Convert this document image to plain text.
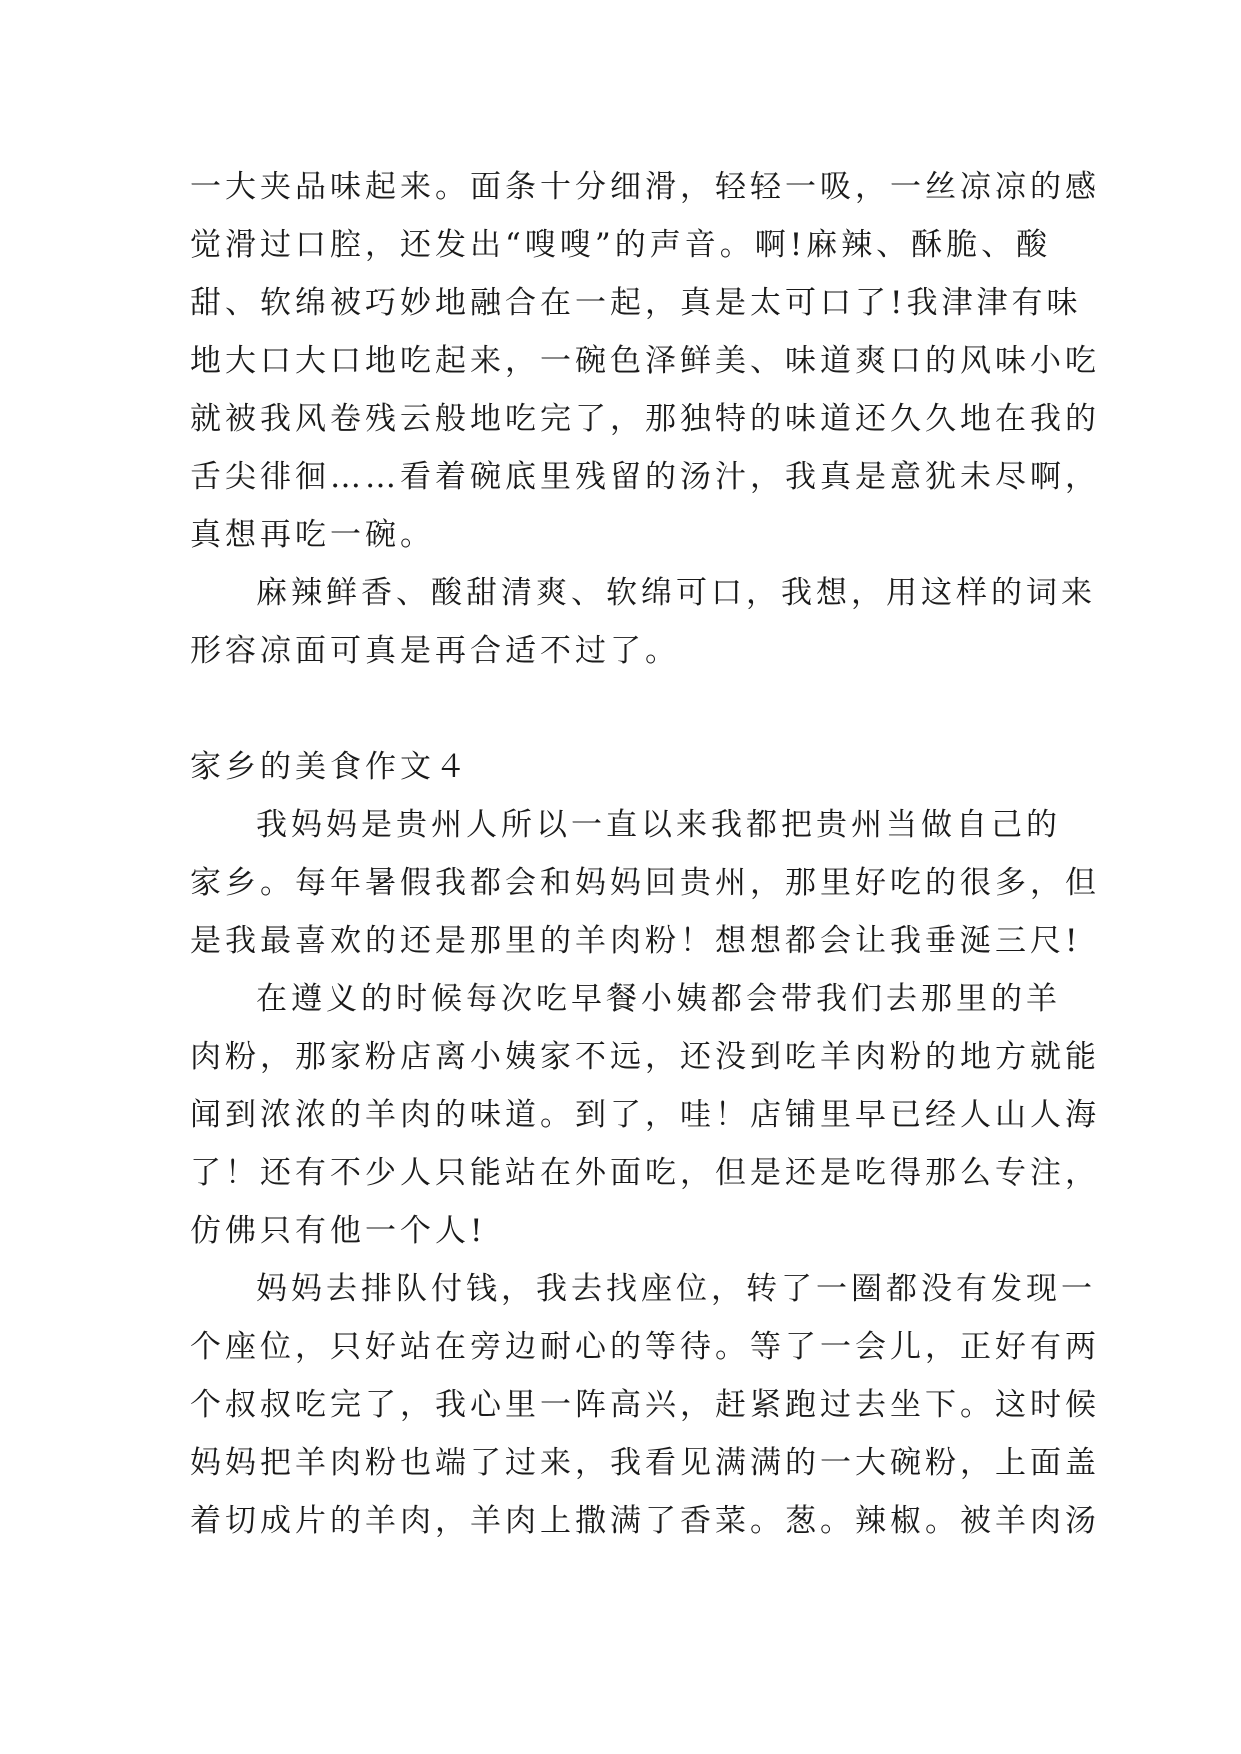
一大夹品味起来。面条十分细滑，轻轻一吸，一丝凉凉的感
觉滑过口腔，还发出“嗖嗖”的声音。啊!麻辣、酥脆、酸
甜、软绵被巧妙地融合在一起，真是太可口了!我津津有味
地大口大口地吃起来，一碗色泽鲜美、味道爽口的风味小吃
就被我风卷残云般地吃完了，那独特的味道还久久地在我的
舌尖徘徊……看着碗底里残留的汤汁，我真是意犹未尽啊，
真想再吃一碗。
麻辣鲜香、酸甜清爽、软绵可口，我想，用这样的词来
形容凉面可真是再合适不过了。
家乡的美食作文４
我妈妈是贵州人所以一直以来我都把贵州当做自己的
家乡。每年暑假我都会和妈妈回贵州，那里好吃的很多，但
是我最喜欢的还是那里的羊肉粉！想想都会让我垂涎三尺!
在遵义的时候每次吃早餐小姨都会带我们去那里的羊
肉粉，那家粉店离小姨家不远，还没到吃羊肉粉的地方就能
闻到浓浓的羊肉的味道。到了，哇！店铺里早已经人山人海
了！还有不少人只能站在外面吃，但是还是吃得那么专注，
仿佛只有他一个人!
妈妈去排队付钱，我去找座位，转了一圈都没有发现一
个座位，只好站在旁边耐心的等待。等了一会儿，正好有两
个叔叔吃完了，我心里一阵高兴，赶紧跑过去坐下。这时候
妈妈把羊肉粉也端了过来，我看见满满的一大碗粉，上面盖
着切成片的羊肉，羊肉上撒满了香菜。葱。辣椒。被羊肉汤
